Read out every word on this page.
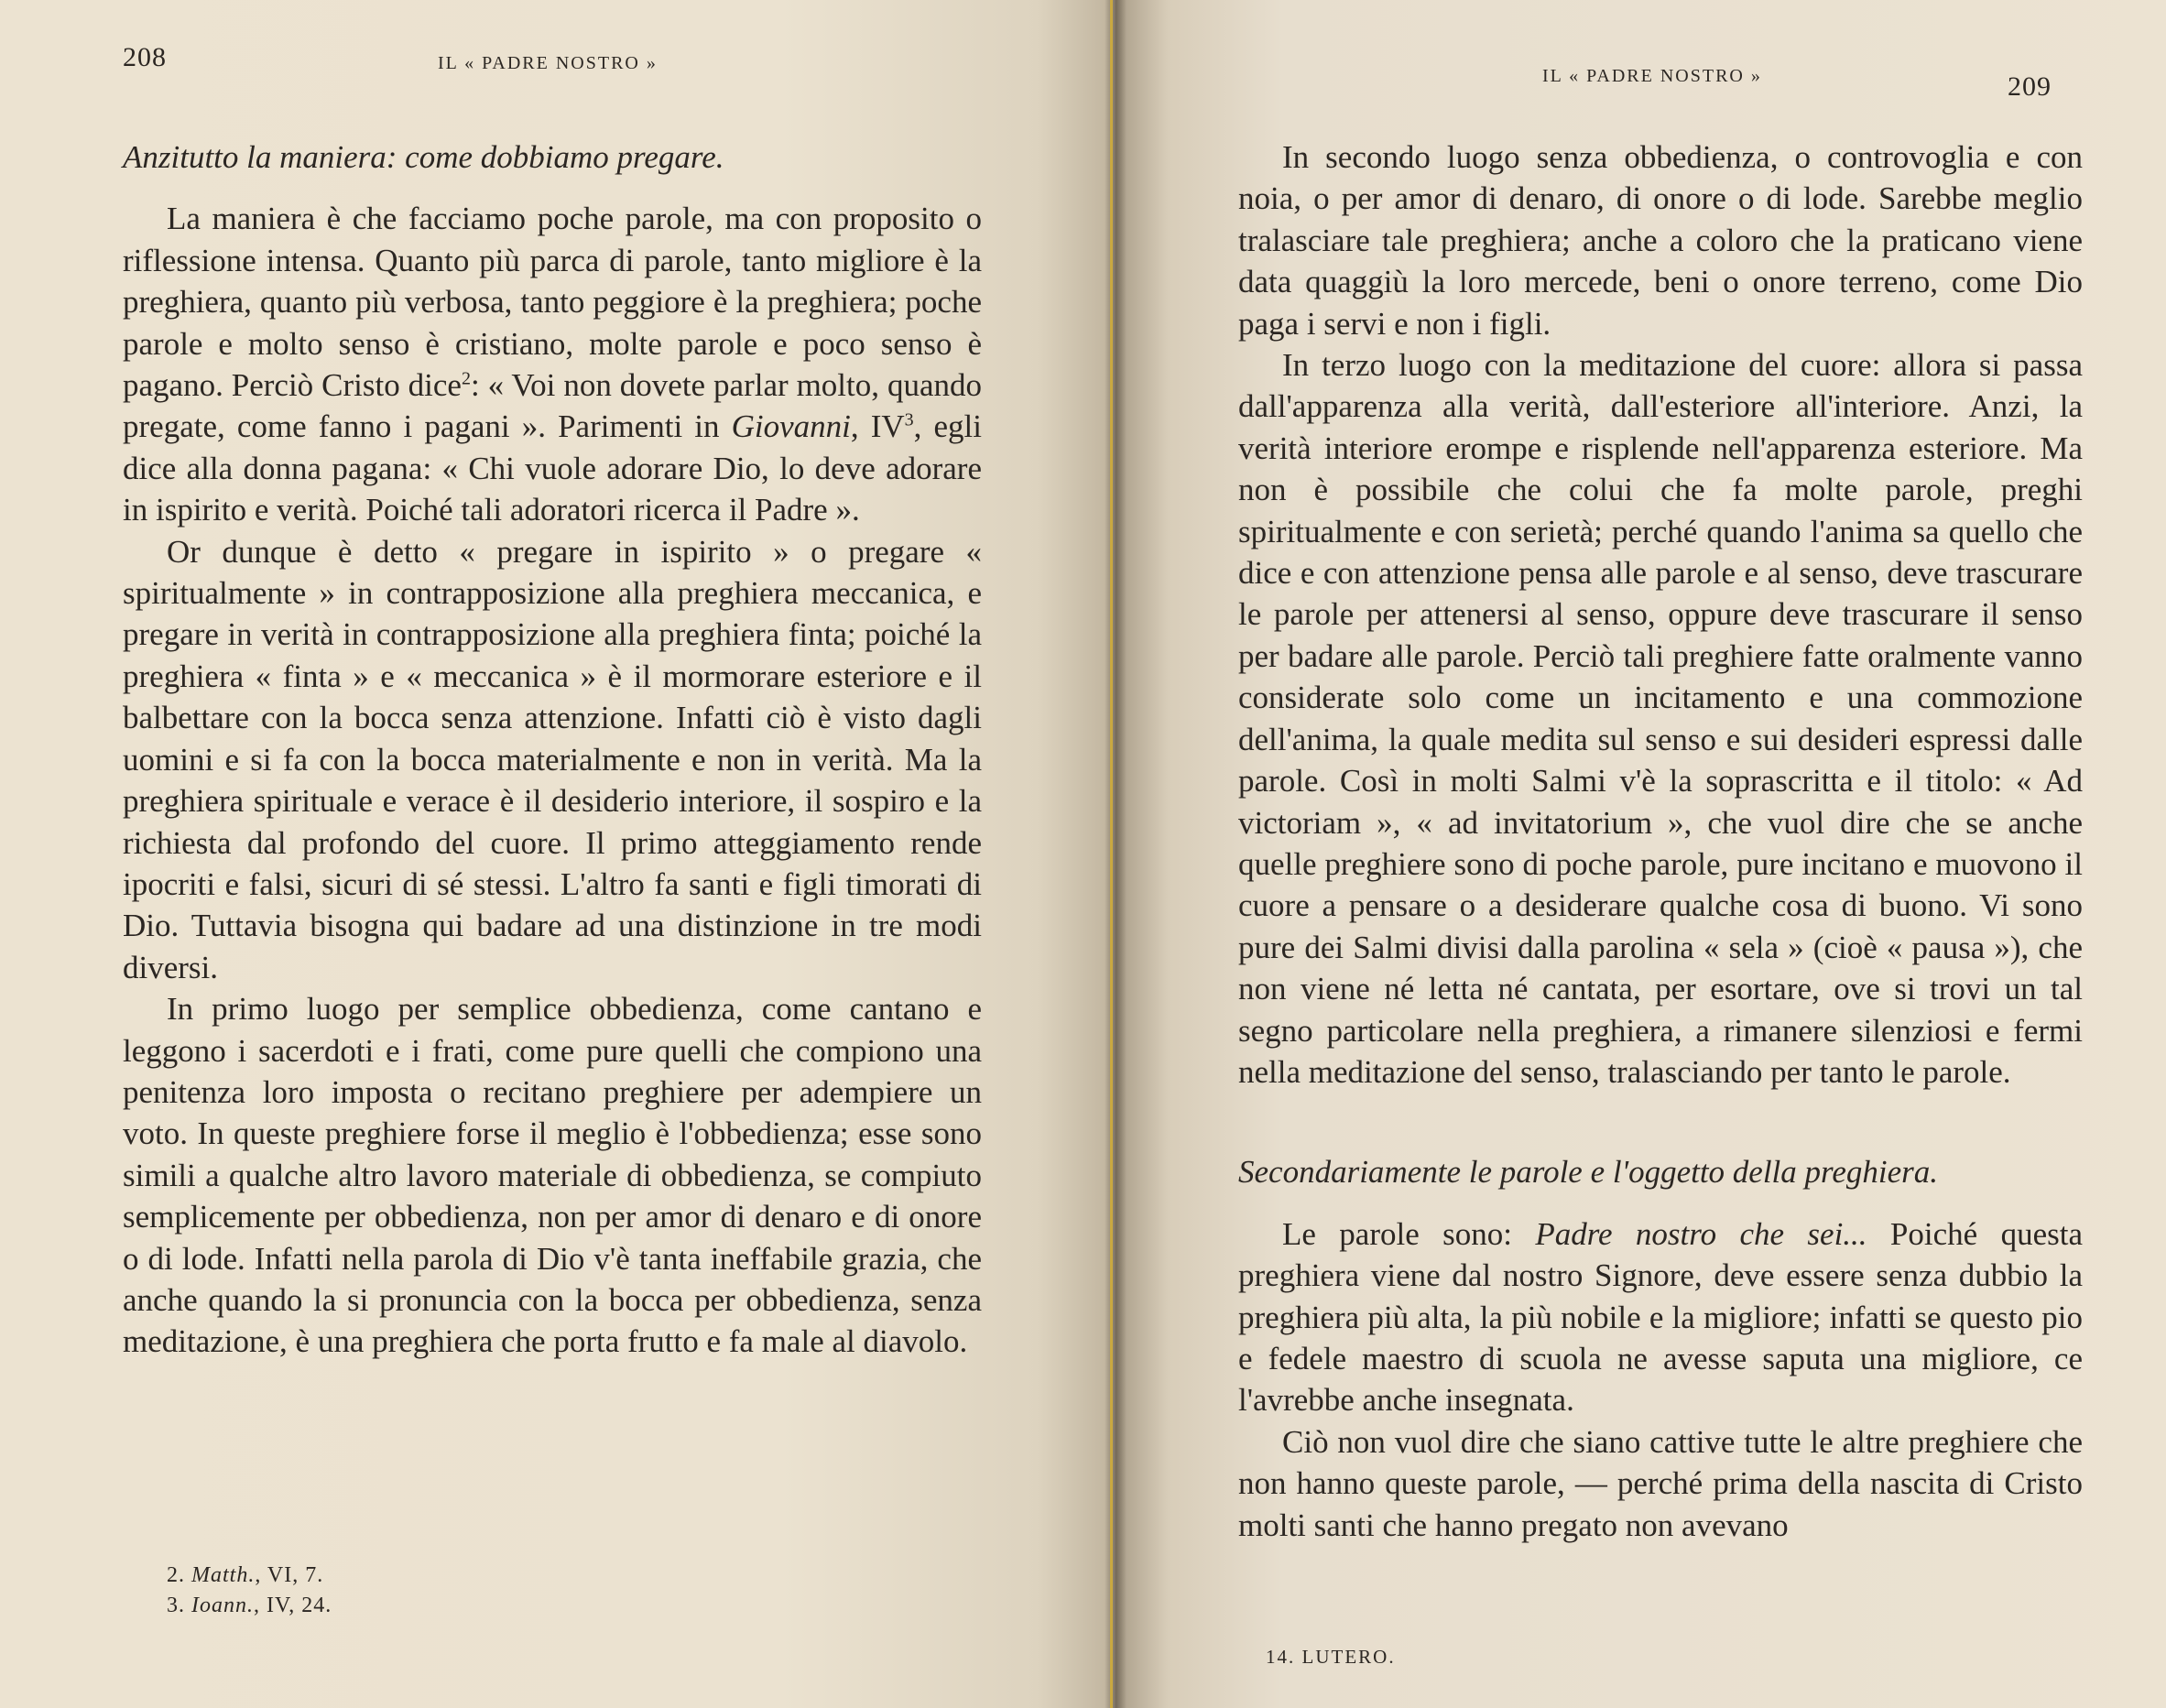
208	IL « PADRE NOSTRO »

Anzitutto la maniera: come dobbiamo pregare.

La maniera è che facciamo poche parole, ma con proposito o riflessione intensa. Quanto più parca di parole, tanto migliore è la preghiera, quanto più verbosa, tanto peggiore è la preghiera; poche parole e molto senso è cristiano, molte parole e poco senso è pagano. Perciò Cristo dice$^2$: « Voi non dovete parlar molto, quando pregate, come fanno i pagani ». Parimenti in Giovanni, $IV^3$, egli dice alla donna pagana: « Chi vuole adorare Dio, lo deve adorare in ispirito e verità. Poiché tali adoratori ricerca il Padre ».

Or dunque è detto « pregare in ispirito » o pregare « spiritualmente » in contrapposizione alla preghiera meccanica, e pregare in verità in contrapposizione alla preghiera finta; poiché la preghiera « finta » e « meccanica » è il mormorare esteriore e il balbettare con la bocca senza attenzione. Infatti ciò è visto dagli uomini e si fa con la bocca materialmente e non in verità. Ma la preghiera spirituale e verace è il desiderio interiore, il sospiro e la richiesta dal profondo del cuore. Il primo atteggiamento rende ipocriti e falsi, sicuri di sé stessi. L'altro fa santi e figli timorati di Dio. Tuttavia bisogna qui badare ad una distinzione in tre modi diversi.

In primo luogo per semplice obbedienza, come cantano e leggono i sacerdoti e i frati, come pure quelli che compiono una penitenza loro imposta o recitano preghiere per adempiere un voto. In queste preghiere forse il meglio è l'obbedienza; esse sono simili a qualche altro lavoro materiale di obbedienza, se compiuto semplicemente per obbedienza, non per amor di denaro e di onore o di lode. Infatti nella parola di Dio v'è tanta ineffabile grazia, che anche quando la si pronuncia con la bocca per obbedienza, senza meditazione, è una preghiera che porta frutto e fa male al diavolo.

2. Matth., VI, 7.
3. Ioann., IV, 24.
IL « PADRE NOSTRO »	209

In secondo luogo senza obbedienza, o controvoglia e con noia, o per amor di denaro, di onore o di lode. Sarebbe meglio tralasciare tale preghiera; anche a coloro che la praticano viene data quaggiù la loro mercede, beni o onore terreno, come Dio paga i servi e non i figli.

In terzo luogo con la meditazione del cuore: allora si passa dall'apparenza alla verità, dall'esteriore all'interiore. Anzi, la verità interiore erompe e risplende nell'apparenza esteriore. Ma non è possibile che colui che fa molte parole, preghi spiritualmente e con serietà; perché quando l'anima sa quello che dice e con attenzione pensa alle parole e al senso, deve trascurare le parole per attenersi al senso, oppure deve trascurare il senso per badare alle parole. Perciò tali preghiere fatte oralmente vanno considerate solo come un incitamento e una commozione dell'anima, la quale medita sul senso e sui desideri espressi dalle parole. Così in molti Salmi v'è la soprascritta e il titolo: « Ad victoriam », « ad invitatorium », che vuol dire che se anche quelle preghiere sono di poche parole, pure incitano e muovono il cuore a pensare o a desiderare qualche cosa di buono. Vi sono pure dei Salmi divisi dalla parolina « sela » (cioè « pausa »), che non viene né letta né cantata, per esortare, ove si trovi un tal segno particolare nella preghiera, a rimanere silenziosi e fermi nella meditazione del senso, tralasciando per tanto le parole.

Secondariamente le parole e l'oggetto della preghiera.

Le parole sono: Padre nostro che sei... Poiché questa preghiera viene dal nostro Signore, deve essere senza dubbio la preghiera più alta, la più nobile e la migliore; infatti se questo pio e fedele maestro di scuola ne avesse saputa una migliore, ce l'avrebbe anche insegnata.

Ciò non vuol dire che siano cattive tutte le altre preghiere che non hanno queste parole, — perché prima della nascita di Cristo molti santi che hanno pregato non avevano

14. LUTERO.
